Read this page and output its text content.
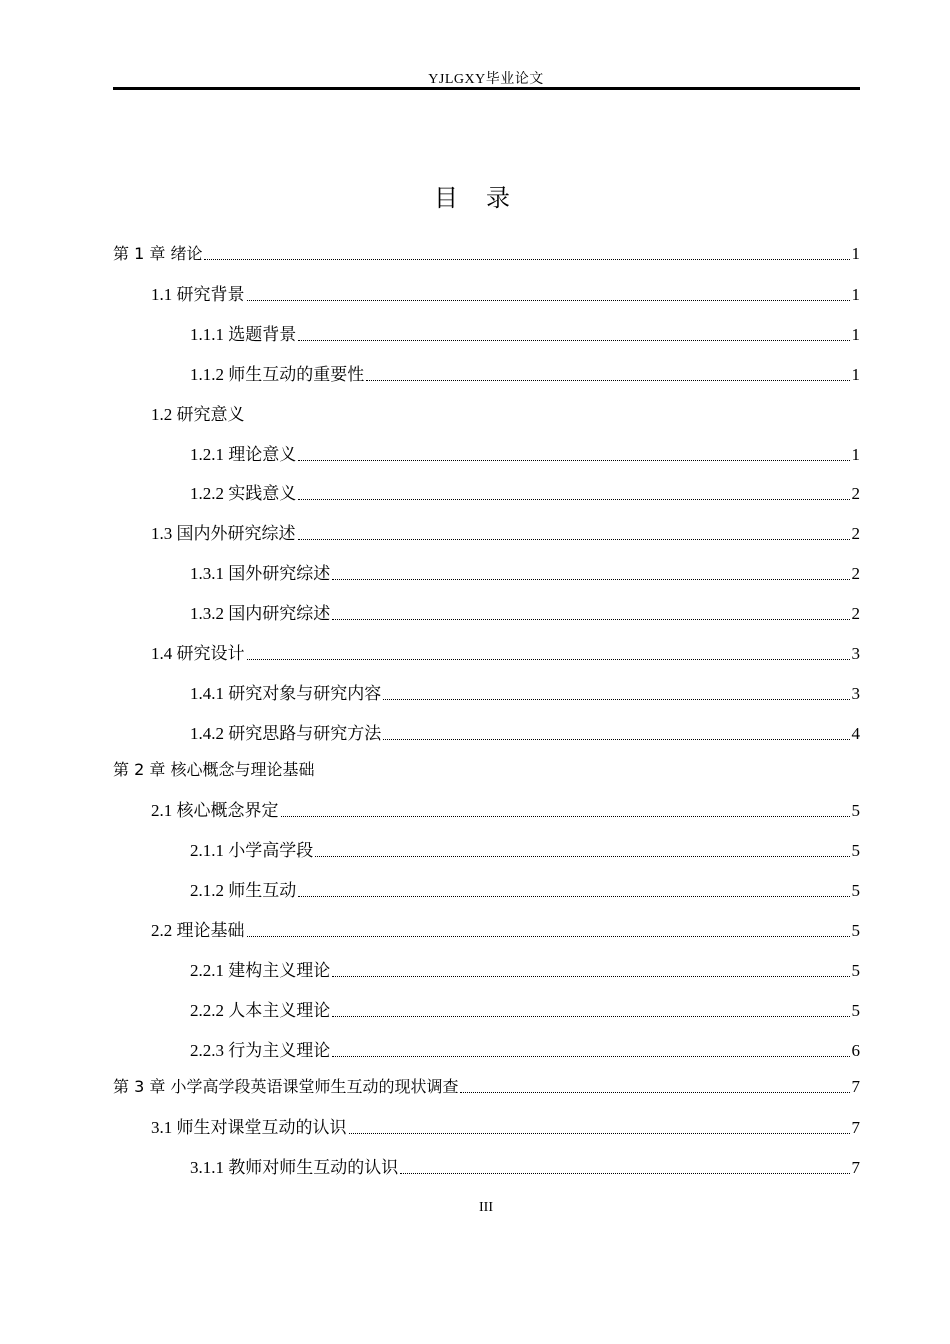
YJLGXY毕业论文
目录
第 1 章 绪论	1
1.1 研究背景	1
1.1.1 选题背景	1
1.1.2 师生互动的重要性	1
1.2 研究意义
1.2.1 理论意义	1
1.2.2 实践意义	2
1.3 国内外研究综述	2
1.3.1 国外研究综述	2
1.3.2 国内研究综述	2
1.4 研究设计	3
1.4.1 研究对象与研究内容	3
1.4.2 研究思路与研究方法	4
第 2 章 核心概念与理论基础
2.1 核心概念界定	5
2.1.1 小学高学段	5
2.1.2 师生互动	5
2.2 理论基础	5
2.2.1 建构主义理论	5
2.2.2 人本主义理论	5
2.2.3 行为主义理论	6
第 3 章 小学高学段英语课堂师生互动的现状调查	7
3.1 师生对课堂互动的认识	7
3.1.1 教师对师生互动的认识	7
III
